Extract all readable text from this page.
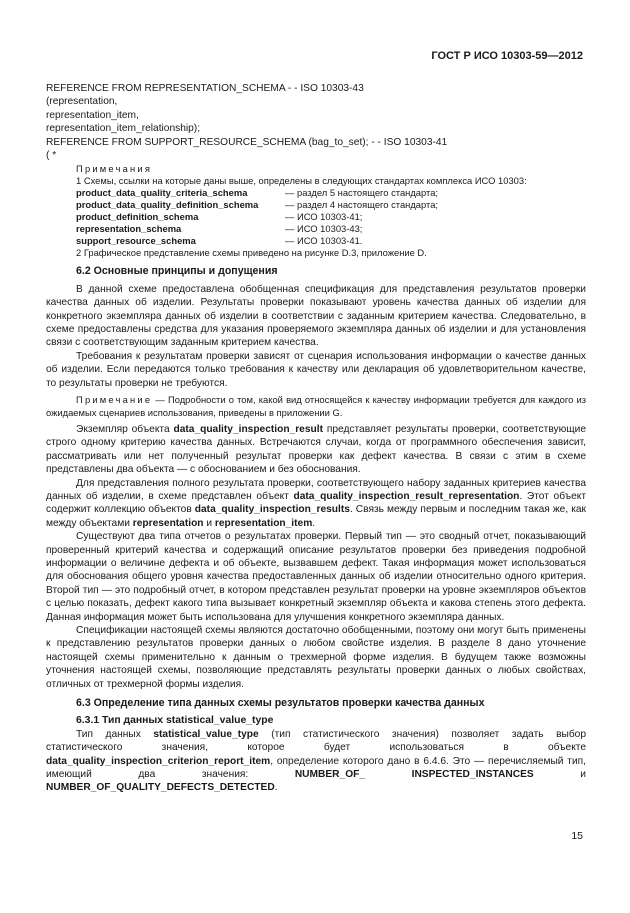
ГОСТ Р ИСО 10303-59—2012
REFERENCE FROM REPRESENTATION_SCHEMA - - ISO 10303-43
(representation,
representation_item,
representation_item_relationship);
REFERENCE FROM SUPPORT_RESOURCE_SCHEMA (bag_to_set); - - ISO 10303-41
( *
Примечания
1 Схемы, ссылки на которые даны выше, определены в следующих стандартах комплекса ИСО 10303:
product_data_quality_criteria_schema	— раздел 5 настоящего стандарта;
product_data_quality_definition_schema	— раздел 4 настоящего стандарта;
product_definition_schema	— ИСО 10303-41;
representation_schema	— ИСО 10303-43;
support_resource_schema	— ИСО 10303-41.
2 Графическое представление схемы приведено на рисунке D.3, приложение D.
6.2 Основные принципы и допущения

В данной схеме предоставлена обобщенная спецификация для представления результатов проверки качества данных об изделии. Результаты проверки показывают уровень качества данных об изделии для конкретного экземпляра данных об изделии в соответствии с заданным критерием качества. Следовательно, в схеме предоставлены средства для указания проверяемого экземпляра данных об изделии и для установления связи с соответствующим заданным критерием качества.

Требования к результатам проверки зависят от сценария использования информации о качестве данных об изделии. Если передаются только требования к качеству или декларация об удовлетворительном качестве, то результаты проверки не требуются.

Примечание — Подробности о том, какой вид относящейся к качеству информации требуется для каждого из ожидаемых сценариев использования, приведены в приложении G.

Экземпляр объекта data_quality_inspection_result представляет результаты проверки, соответствующие строго одному критерию качества данных. Встречаются случаи, когда от программного обеспечения зависит, рассматривать или нет полученный результат проверки как дефект качества. В связи с этим в схеме представлены два объекта — с обоснованием и без обоснования.

Для представления полного результата проверки, соответствующего набору заданных критериев качества данных об изделии, в схеме представлен объект data_quality_inspection_result_representation. Этот объект содержит коллекцию объектов data_quality_inspection_results. Связь между первым и последним такая же, как между объектами representation и representation_item.

Существуют два типа отчетов о результатах проверки. Первый тип — это сводный отчет, показывающий проверенный критерий качества и содержащий описание результатов проверки без приведения подробной информации о величине дефекта и об объекте, вызвавшем дефект. Такая информация может использоваться для обоснования общего уровня качества предоставленных данных об изделии относительно одного критерия. Второй тип — это подробный отчет, в котором представлен результат проверки на уровне экземпляров объектов с целью показать, дефект какого типа вызывает конкретный экземпляр объекта и какова степень этого дефекта. Данная информация может быть использована для улучшения конкретного экземпляра данных.

Спецификации настоящей схемы являются достаточно обобщенными, поэтому они могут быть применены к представлению результатов проверки данных о любом свойстве изделия. В разделе 8 дано уточнение настоящей схемы применительно к данным о трехмерной форме изделия. В будущем также возможны уточнения настоящей схемы, позволяющие представлять результаты проверки данных о любых свойствах, отличных от трехмерной формы изделия.

6.3 Определение типа данных схемы результатов проверки качества данных
6.3.1 Тип данных statistical_value_type

Тип данных statistical_value_type (тип статистического значения) позволяет задать выбор статистического значения, которое будет использоваться в объекте data_quality_inspection_criterion_report_item, определение которого дано в 6.4.6. Это — перечисляемый тип, имеющий два значения: NUMBER_OF_ INSPECTED_INSTANCES и NUMBER_OF_QUALITY_DEFECTS_DETECTED.

15
